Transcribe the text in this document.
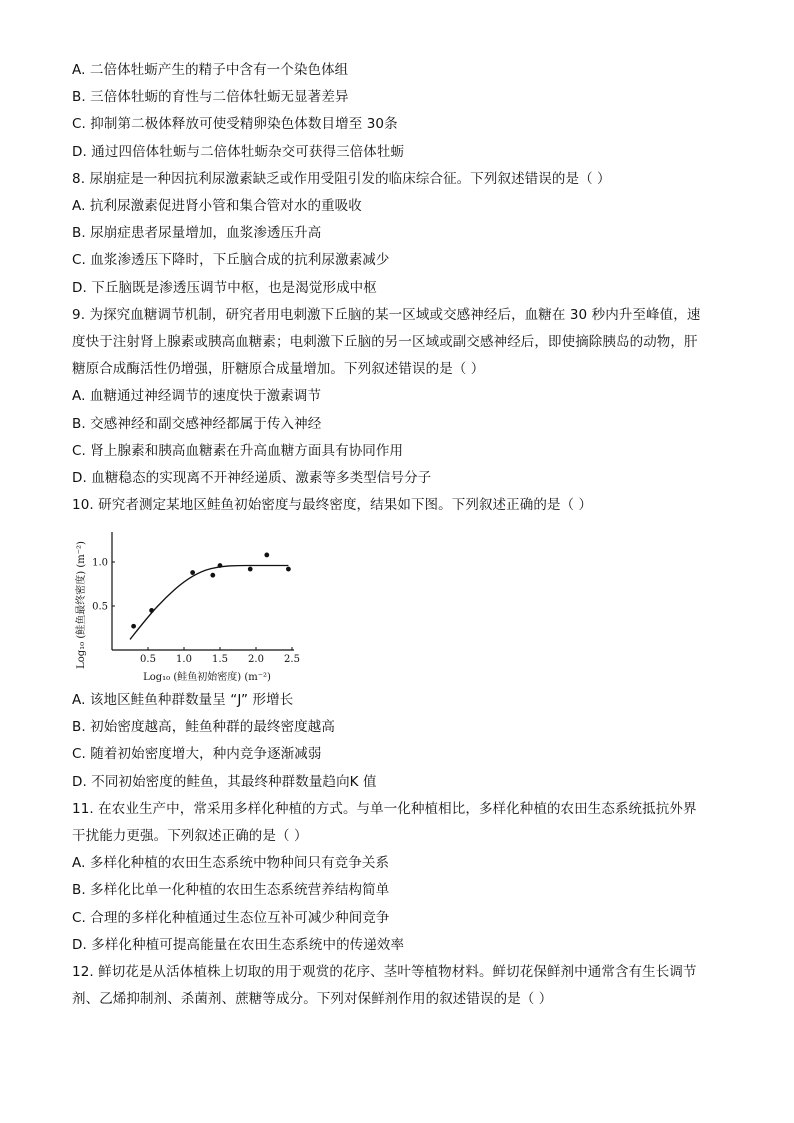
A. 二倍体牡蛎产生的精子中含有一个染色体组
B. 三倍体牡蛎的育性与二倍体牡蛎无显著差异
C. 抑制第二极体释放可使受精卵染色体数目增至 30条
D. 通过四倍体牡蛎与二倍体牡蛎杂交可获得三倍体牡蛎
8. 尿崩症是一种因抗利尿激素缺乏或作用受阻引发的临床综合征。下列叙述错误的是（ ）
A. 抗利尿激素促进肾小管和集合管对水的重吸收
B. 尿崩症患者尿量增加，血浆渗透压升高
C. 血浆渗透压下降时，下丘脑合成的抗利尿激素减少
D. 下丘脑既是渗透压调节中枢，也是渴觉形成中枢
9. 为探究血糖调节机制，研究者用电刺激下丘脑的某一区域或交感神经后，血糖在 30 秒内升至峰值，速
度快于注射肾上腺素或胰高血糖素；电刺激下丘脑的另一区域或副交感神经后，即使摘除胰岛的动物，肝
糖原合成酶活性仍增强，肝糖原合成量增加。下列叙述错误的是（ ）
A. 血糖通过神经调节的速度快于激素调节
B. 交感神经和副交感神经都属于传入神经
C. 肾上腺素和胰高血糖素在升高血糖方面具有协同作用
D. 血糖稳态的实现离不开神经递质、激素等多类型信号分子
10. 研究者测定某地区鲑鱼初始密度与最终密度，结果如下图。下列叙述正确的是（ ）
0.5 1.0 1.5 2.0 2.5
0.5
1.0
Log₁₀ (鲑鱼初始密度) (m⁻²)
Log₁₀ (鲑鱼最终密度) (m⁻²)
A. 该地区鲑鱼种群数量呈 “J” 形增长
B. 初始密度越高，鲑鱼种群的最终密度越高
C. 随着初始密度增大，种内竞争逐渐减弱
D. 不同初始密度的鲑鱼，其最终种群数量趋向K 值
11. 在农业生产中，常采用多样化种植的方式。与单一化种植相比，多样化种植的农田生态系统抵抗外界
干扰能力更强。下列叙述正确的是（ ）
A. 多样化种植的农田生态系统中物种间只有竞争关系
B. 多样化比单一化种植的农田生态系统营养结构简单
C. 合理的多样化种植通过生态位互补可减少种间竞争
D. 多样化种植可提高能量在农田生态系统中的传递效率
12. 鲜切花是从活体植株上切取的用于观赏的花序、茎叶等植物材料。鲜切花保鲜剂中通常含有生长调节
剂、乙烯抑制剂、杀菌剂、蔗糖等成分。下列对保鲜剂作用的叙述错误的是（ ）
